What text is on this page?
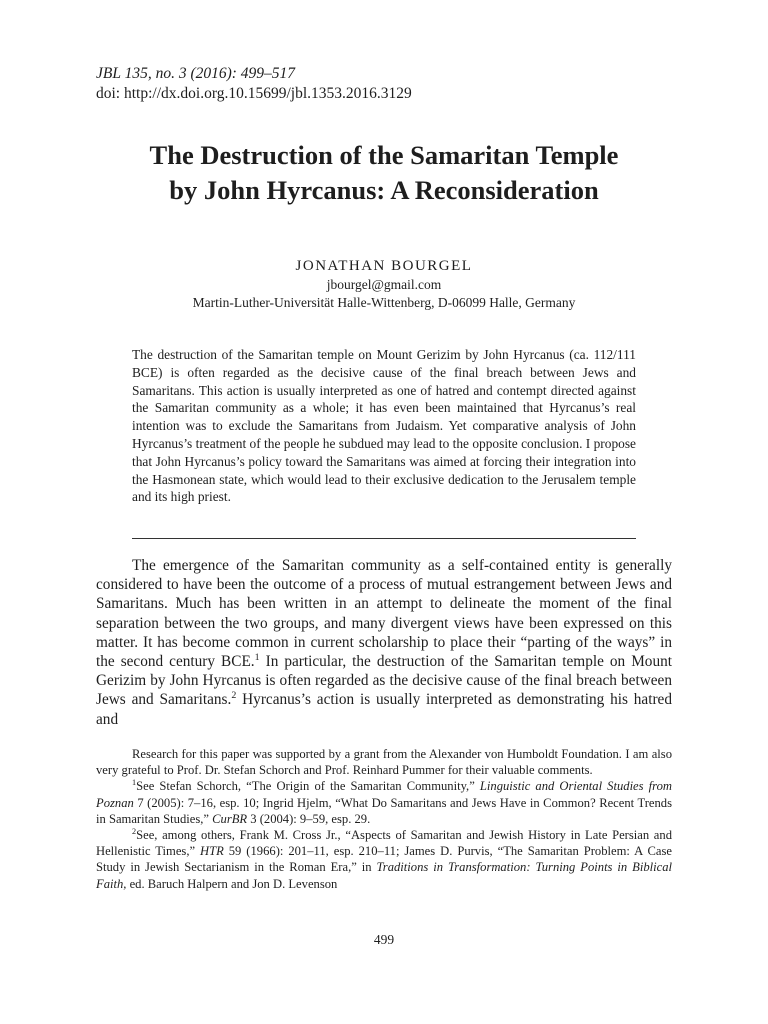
JBL 135, no. 3 (2016): 499–517
doi: http://dx.doi.org.10.15699/jbl.1353.2016.3129
The Destruction of the Samaritan Temple
by John Hyrcanus: A Reconsideration
JONATHAN BOURGEL
jbourgel@gmail.com
Martin-Luther-Universität Halle-Wittenberg, D-06099 Halle, Germany

The destruction of the Samaritan temple on Mount Gerizim by John Hyrcanus (ca. 112/111 BCE) is often regarded as the decisive cause of the final breach between Jews and Samaritans. This action is usually interpreted as one of hatred and contempt directed against the Samaritan community as a whole; it has even been maintained that Hyrcanus’s real intention was to exclude the Samaritans from Judaism. Yet comparative analysis of John Hyrcanus’s treatment of the people he subdued may lead to the opposite conclusion. I propose that John Hyrcanus’s policy toward the Samaritans was aimed at forcing their integration into the Hasmonean state, which would lead to their exclusive dedication to the Jerusalem temple and its high priest.

The emergence of the Samaritan community as a self-contained entity is generally considered to have been the outcome of a process of mutual estrangement between Jews and Samaritans. Much has been written in an attempt to delineate the moment of the final separation between the two groups, and many divergent views have been expressed on this matter. It has become common in current scholarship to place their “parting of the ways” in the second century BCE.$^1$ In particular, the destruction of the Samaritan temple on Mount Gerizim by John Hyrcanus is often regarded as the decisive cause of the final breach between Jews and Samaritans.$^2$ Hyrcanus’s action is usually interpreted as demonstrating his hatred and

Research for this paper was supported by a grant from the Alexander von Humboldt Foundation. I am also very grateful to Prof. Dr. Stefan Schorch and Prof. Reinhard Pummer for their valuable comments.

$^1$See Stefan Schorch, “The Origin of the Samaritan Community,” Linguistic and Oriental Studies from Poznan 7 (2005): 7–16, esp. 10; Ingrid Hjelm, “What Do Samaritans and Jews Have in Common? Recent Trends in Samaritan Studies,” CurBR 3 (2004): 9–59, esp. 29.

$^2$See, among others, Frank M. Cross Jr., “Aspects of Samaritan and Jewish History in Late Persian and Hellenistic Times,” HTR 59 (1966): 201–11, esp. 210–11; James D. Purvis, “The Samaritan Problem: A Case Study in Jewish Sectarianism in the Roman Era,” in Traditions in Transformation: Turning Points in Biblical Faith, ed. Baruch Halpern and Jon D. Levenson

499
